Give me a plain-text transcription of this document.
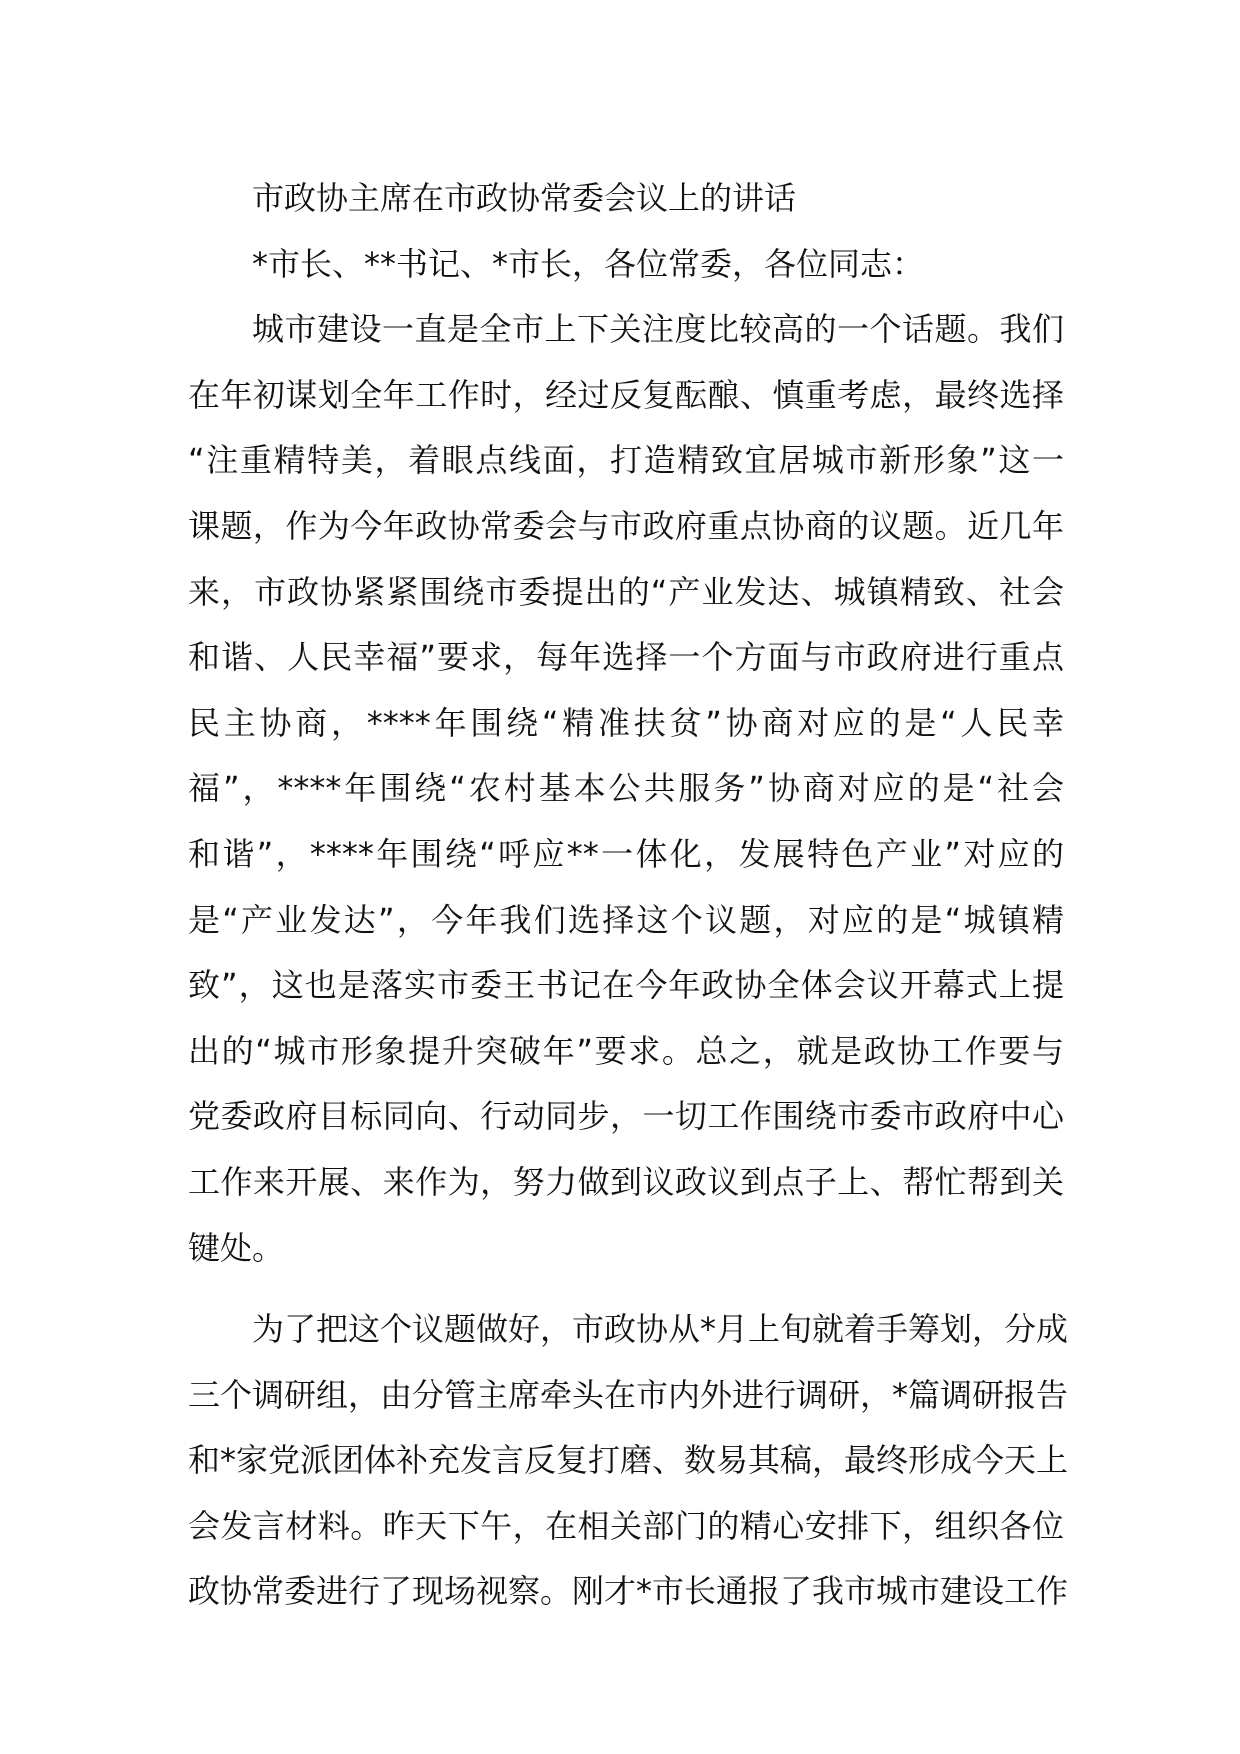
市政协主席在市政协常委会议上的讲话
*市长、**书记、*市长，各位常委，各位同志：
城市建设一直是全市上下关注度比较高的一个话题。我们
在年初谋划全年工作时，经过反复酝酿、慎重考虑，最终选择
“注重精特美，着眼点线面，打造精致宜居城市新形象”这一
课题，作为今年政协常委会与市政府重点协商的议题。近几年
来，市政协紧紧围绕市委提出的“产业发达、城镇精致、社会
和谐、人民幸福”要求，每年选择一个方面与市政府进行重点
民主协商，****年围绕“精准扶贫”协商对应的是“人民幸
福”，****年围绕“农村基本公共服务”协商对应的是“社会
和谐”，****年围绕“呼应**一体化，发展特色产业”对应的
是“产业发达”，今年我们选择这个议题，对应的是“城镇精
致”，这也是落实市委王书记在今年政协全体会议开幕式上提
出的“城市形象提升突破年”要求。总之，就是政协工作要与
党委政府目标同向、行动同步，一切工作围绕市委市政府中心
工作来开展、来作为，努力做到议政议到点子上、帮忙帮到关
键处。
为了把这个议题做好，市政协从*月上旬就着手筹划，分成
三个调研组，由分管主席牵头在市内外进行调研，*篇调研报告
和*家党派团体补充发言反复打磨、数易其稿，最终形成今天上
会发言材料。昨天下午，在相关部门的精心安排下，组织各位
政协常委进行了现场视察。刚才*市长通报了我市城市建设工作
